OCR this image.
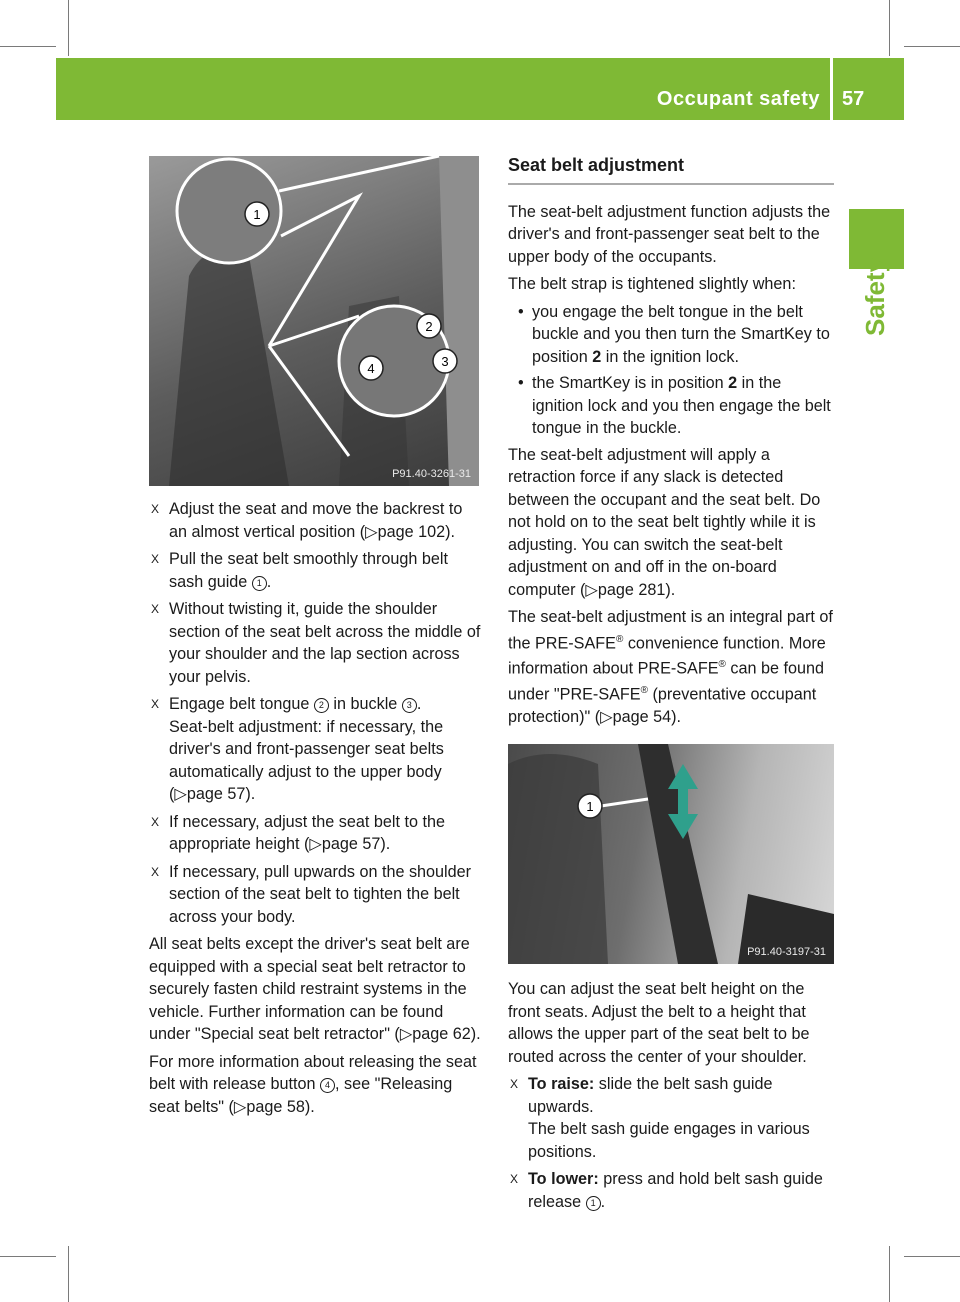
Occupant safety 57
Safety
1
2
3
4
P91.40-3261-31
X Adjust the seat and move the backrest to an almost vertical position (▷page 102).
X Pull the seat belt smoothly through belt sash guide 1 .
X Without twisting it, guide the shoulder section of the seat belt across the middle of your shoulder and the lap section across your pelvis.
X Engage belt tongue 2 in buckle 3 .
Seat-belt adjustment: if necessary, the driver's and front-passenger seat belts automatically adjust to the upper body (▷page 57).
X If necessary, adjust the seat belt to the appropriate height (▷page 57).
X If necessary, pull upwards on the shoulder section of the seat belt to tighten the belt across your body.

All seat belts except the driver's seat belt are equipped with a special seat belt retractor to securely fasten child restraint systems in the vehicle. Further information can be found under "Special seat belt retractor" (▷page 62).

For more information about releasing the seat belt with release button 4 , see "Releasing seat belts" (▷page 58).

Seat belt adjustment

The seat-belt adjustment function adjusts the driver's and front-passenger seat belt to the upper body of the occupants.

The belt strap is tightened slightly when:

• you engage the belt tongue in the belt buckle and you then turn the SmartKey to position 2 in the ignition lock.
• the SmartKey is in position 2 in the ignition lock and you then engage the belt tongue in the buckle.

The seat-belt adjustment will apply a retraction force if any slack is detected between the occupant and the seat belt. Do not hold on to the seat belt tightly while it is adjusting. You can switch the seat-belt adjustment on and off in the on-board computer (▷page 281).

The seat-belt adjustment is an integral part of the PRE-SAFE® convenience function. More information about PRE-SAFE® can be found under "PRE-SAFE® (preventative occupant protection)" (▷page 54).

1
P91.40-3197-31

You can adjust the seat belt height on the front seats. Adjust the belt to a height that allows the upper part of the seat belt to be routed across the center of your shoulder.

X To raise: slide the belt sash guide upwards.
The belt sash guide engages in various positions.
X To lower: press and hold belt sash guide release 1 .
